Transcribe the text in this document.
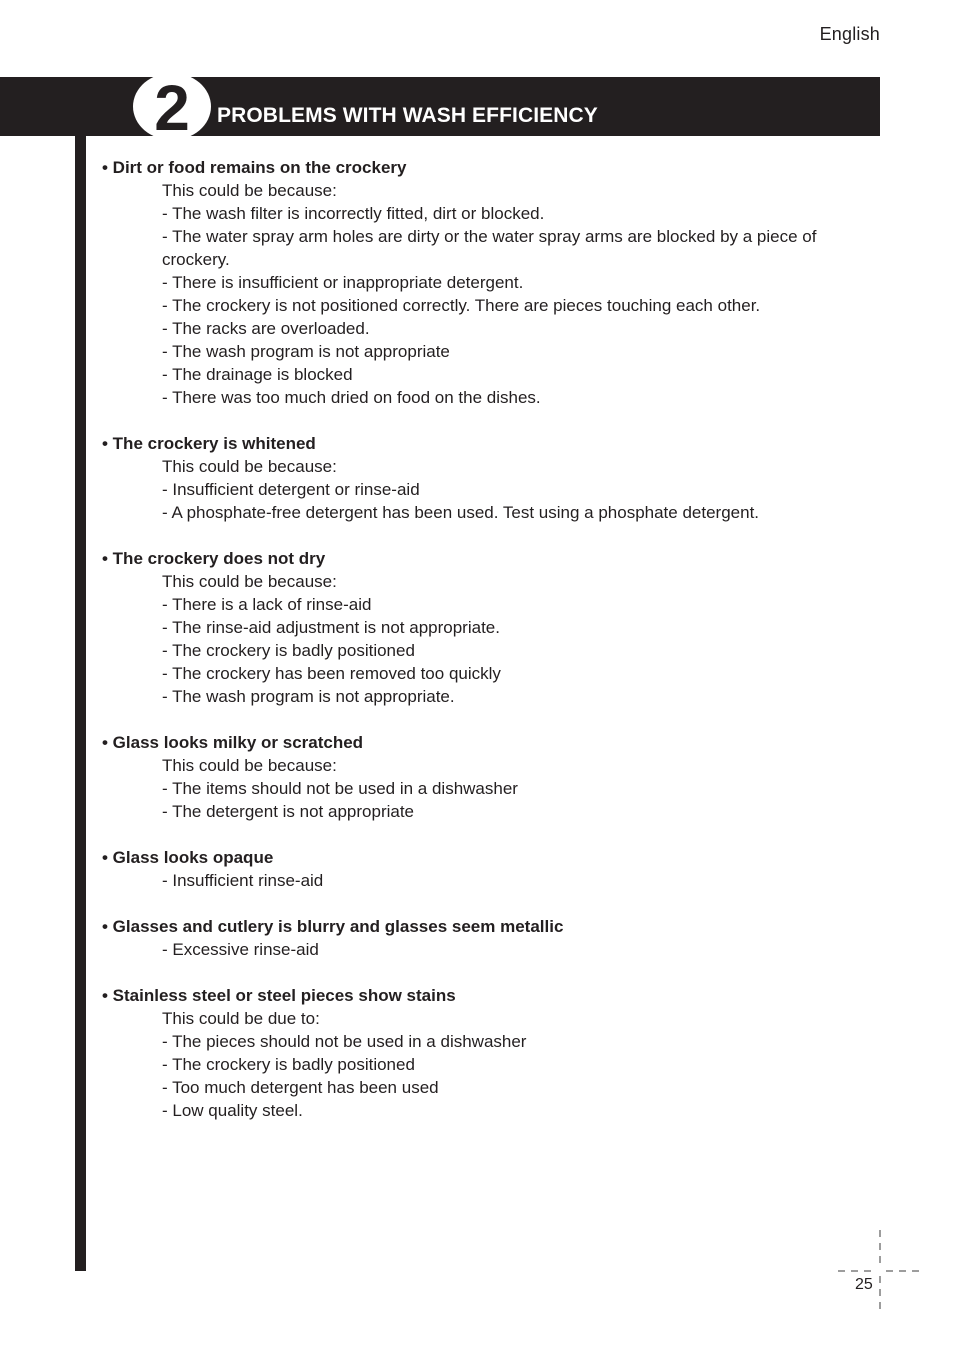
English
2 PROBLEMS WITH WASH EFFICIENCY
• Dirt or food remains on the crockery
This could be because:
- The wash filter is incorrectly fitted, dirt or blocked.
- The water spray arm holes are dirty or the water spray arms are blocked by a piece of crockery.
- There is insufficient or inappropriate detergent.
- The crockery is not positioned correctly. There are pieces touching each other.
- The racks are overloaded.
- The wash program is not appropriate
- The drainage is blocked
- There was too much dried on food on the dishes.
• The crockery is whitened
This could be because:
- Insufficient detergent or rinse-aid
- A phosphate-free detergent has been used. Test using a phosphate detergent.
• The crockery does not dry
This could be because:
- There is a lack of rinse-aid
- The rinse-aid adjustment is not appropriate.
- The crockery is badly positioned
- The crockery has been removed too quickly
- The wash program is not appropriate.
• Glass looks milky or scratched
This could be because:
- The items should not be used in a dishwasher
- The detergent is not appropriate
• Glass looks opaque
- Insufficient rinse-aid
• Glasses and cutlery is blurry and glasses seem metallic
- Excessive rinse-aid
• Stainless steel or steel pieces show stains
This could be due to:
- The pieces should not be used in a dishwasher
- The crockery is badly positioned
- Too much detergent has been used
- Low quality steel.
25
